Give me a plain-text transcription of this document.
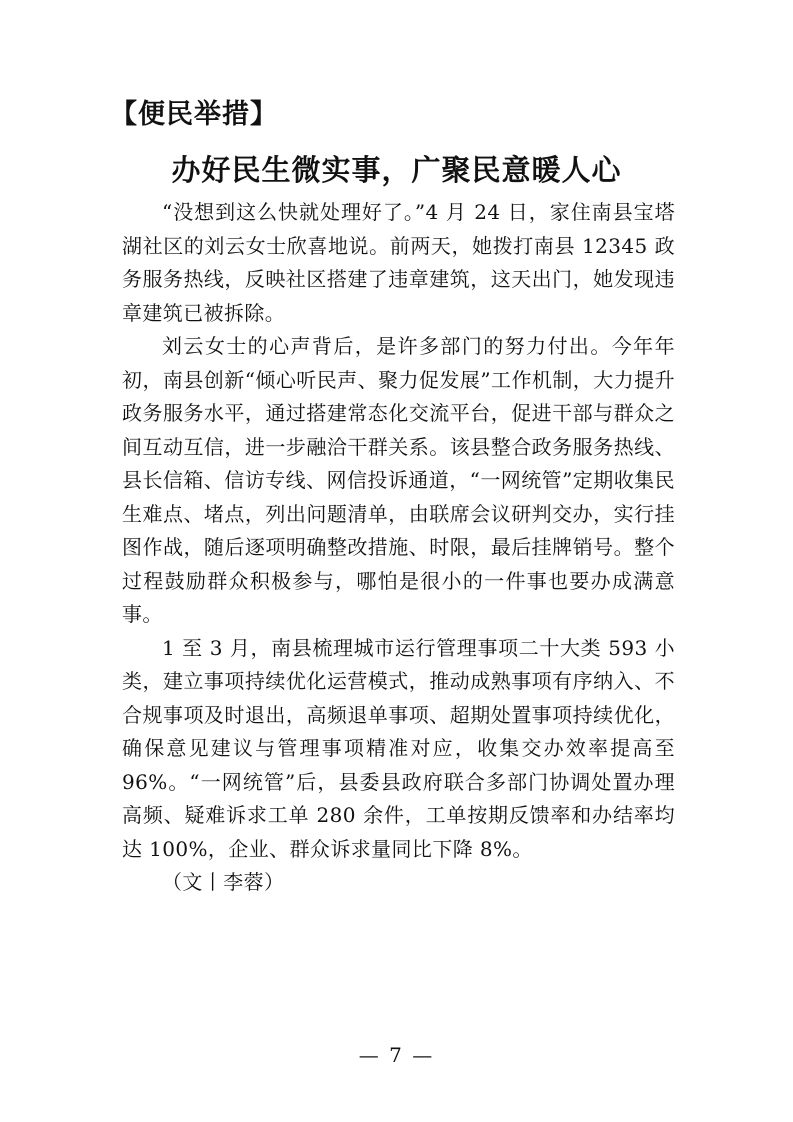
【便民举措】
办好民生微实事，广聚民意暖人心

“没想到这么快就处理好了。”4 月 24 日，家住南县宝塔湖社区的刘云女士欣喜地说。前两天，她拨打南县 12345 政务服务热线，反映社区搭建了违章建筑，这天出门，她发现违章建筑已被拆除。

刘云女士的心声背后，是许多部门的努力付出。今年年初，南县创新“倾心听民声、聚力促发展”工作机制，大力提升政务服务水平，通过搭建常态化交流平台，促进干部与群众之间互动互信，进一步融洽干群关系。该县整合政务服务热线、县长信箱、信访专线、网信投诉通道，“一网统管”定期收集民生难点、堵点，列出问题清单，由联席会议研判交办，实行挂图作战，随后逐项明确整改措施、时限，最后挂牌销号。整个过程鼓励群众积极参与，哪怕是很小的一件事也要办成满意事。

1 至 3 月，南县梳理城市运行管理事项二十大类 593 小类，建立事项持续优化运营模式，推动成熟事项有序纳入、不合规事项及时退出，高频退单事项、超期处置事项持续优化，确保意见建议与管理事项精准对应，收集交办效率提高至 96%。“一网统管”后，县委县政府联合多部门协调处置办理高频、疑难诉求工单 280 余件，工单按期反馈率和办结率均达 100%，企业、群众诉求量同比下降 8%。

（文丨李蓉）

— 7 —
